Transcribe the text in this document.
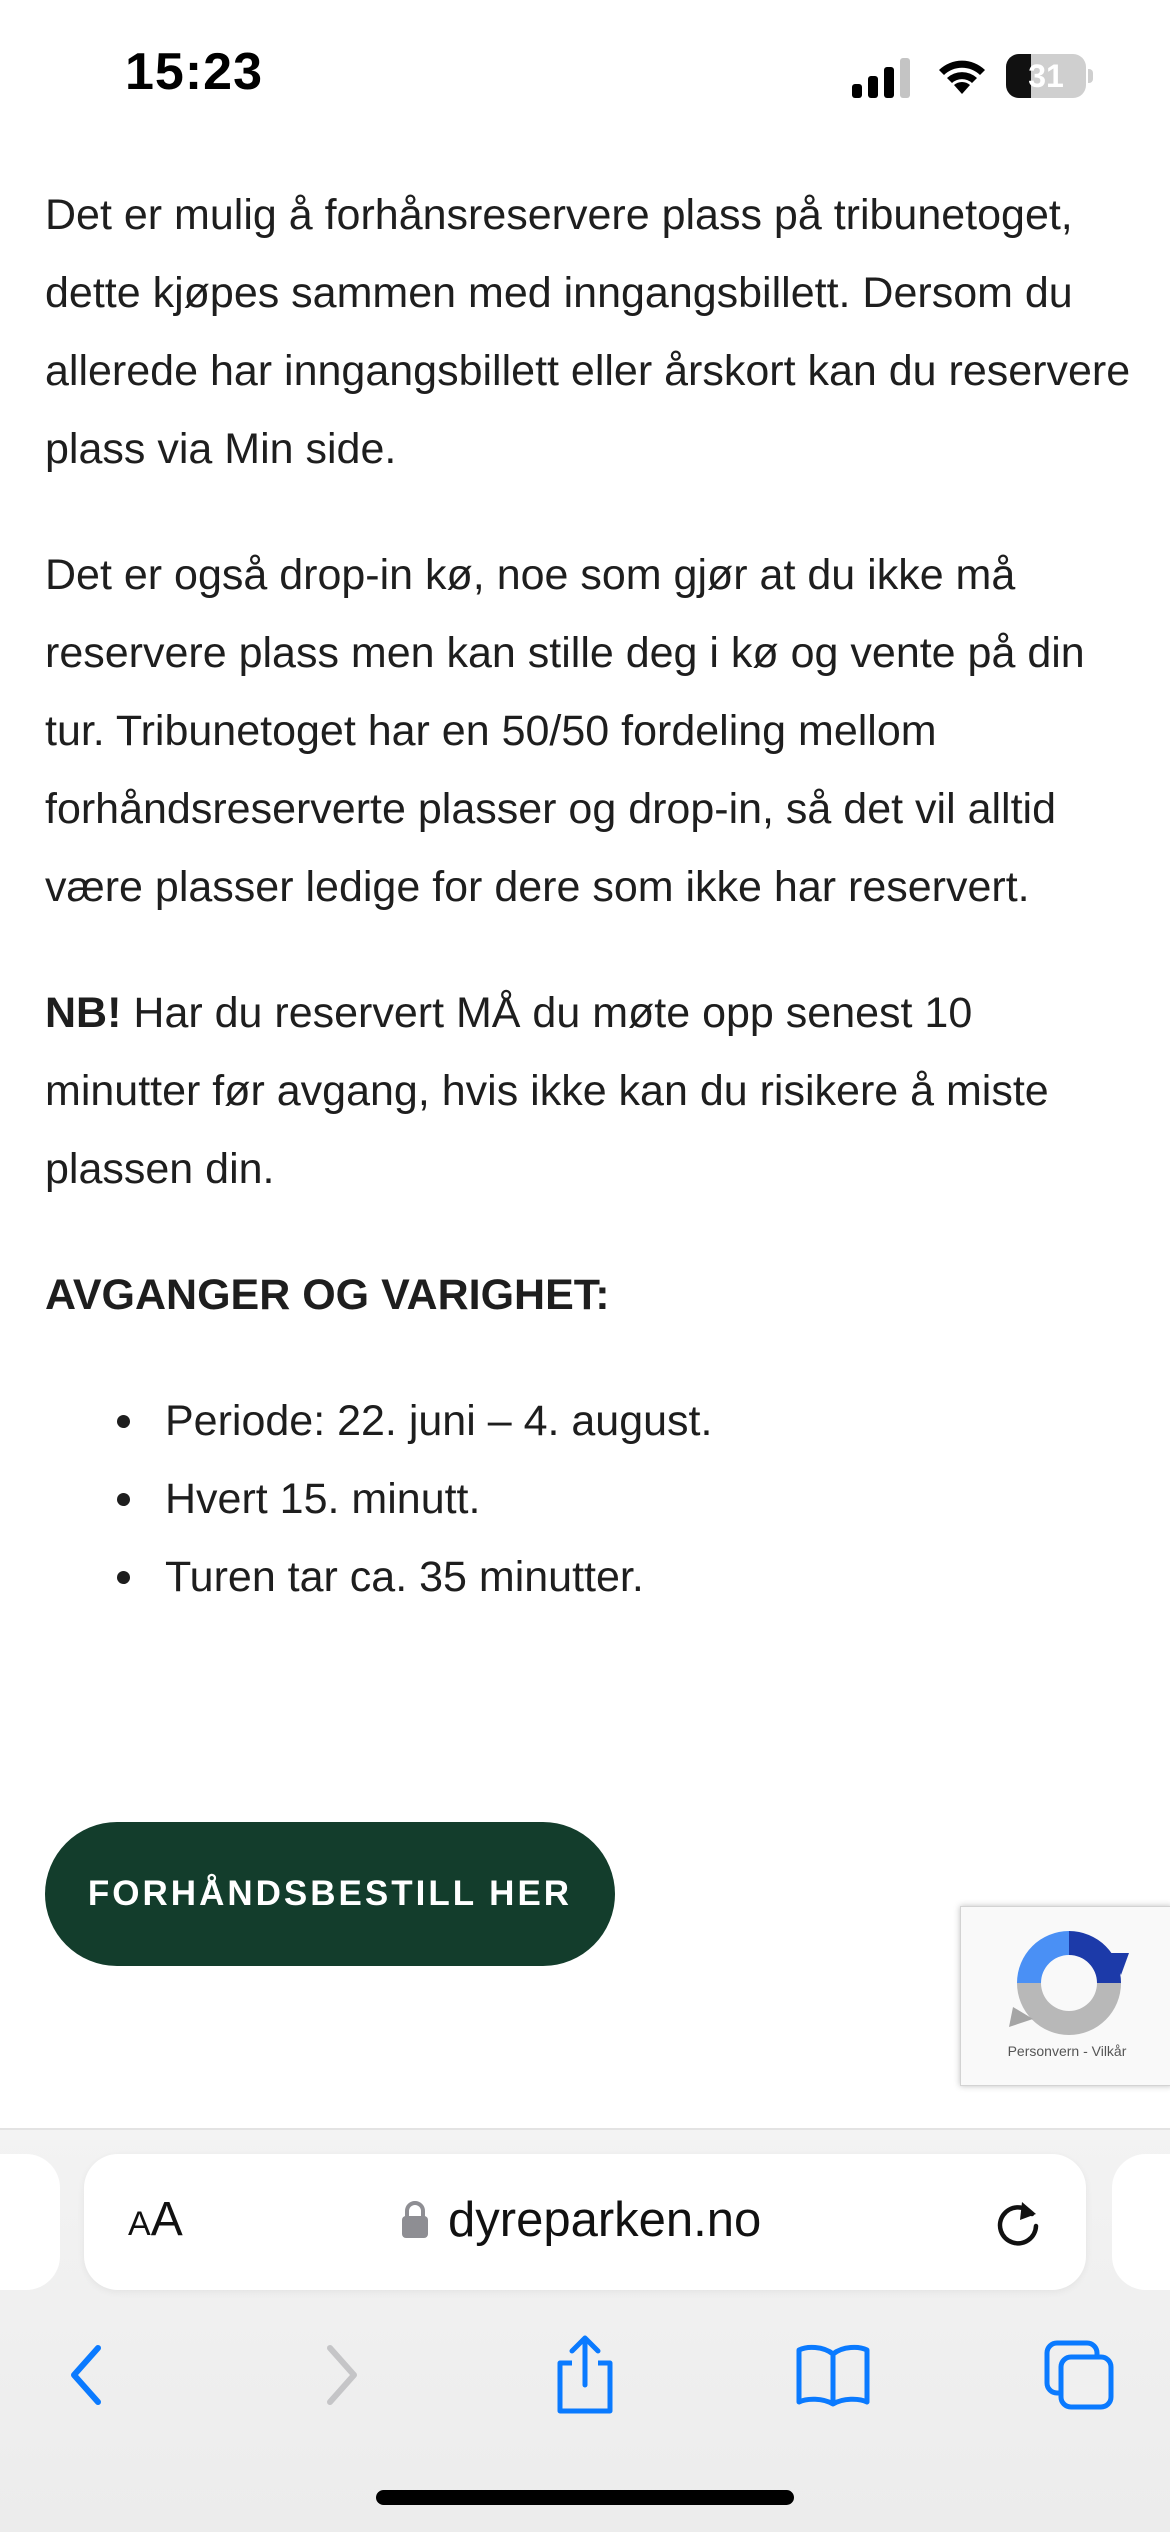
15:23	31

Det er mulig å forhånsreservere plass på tribunetoget, dette kjøpes sammen med inngangsbillett. Dersom du allerede har inngangsbillett eller årskort kan du reservere plass via Min side.

Det er også drop-in kø, noe som gjør at du ikke må reservere plass men kan stille deg i kø og vente på din tur. Tribunetoget har en 50/50 fordeling mellom forhåndsreserverte plasser og drop-in, så det vil alltid være plasser ledige for dere som ikke har reservert.

NB! Har du reservert MÅ du møte opp senest 10 minutter før avgang, hvis ikke kan du risikere å miste plassen din.

AVGANGER OG VARIGHET:

Periode: 22. juni – 4. august.
Hvert 15. minutt.
Turen tar ca. 35 minutter.
FORHÅNDSBESTILL HER
Personvern - Vilkår
AA	dyreparken.no
